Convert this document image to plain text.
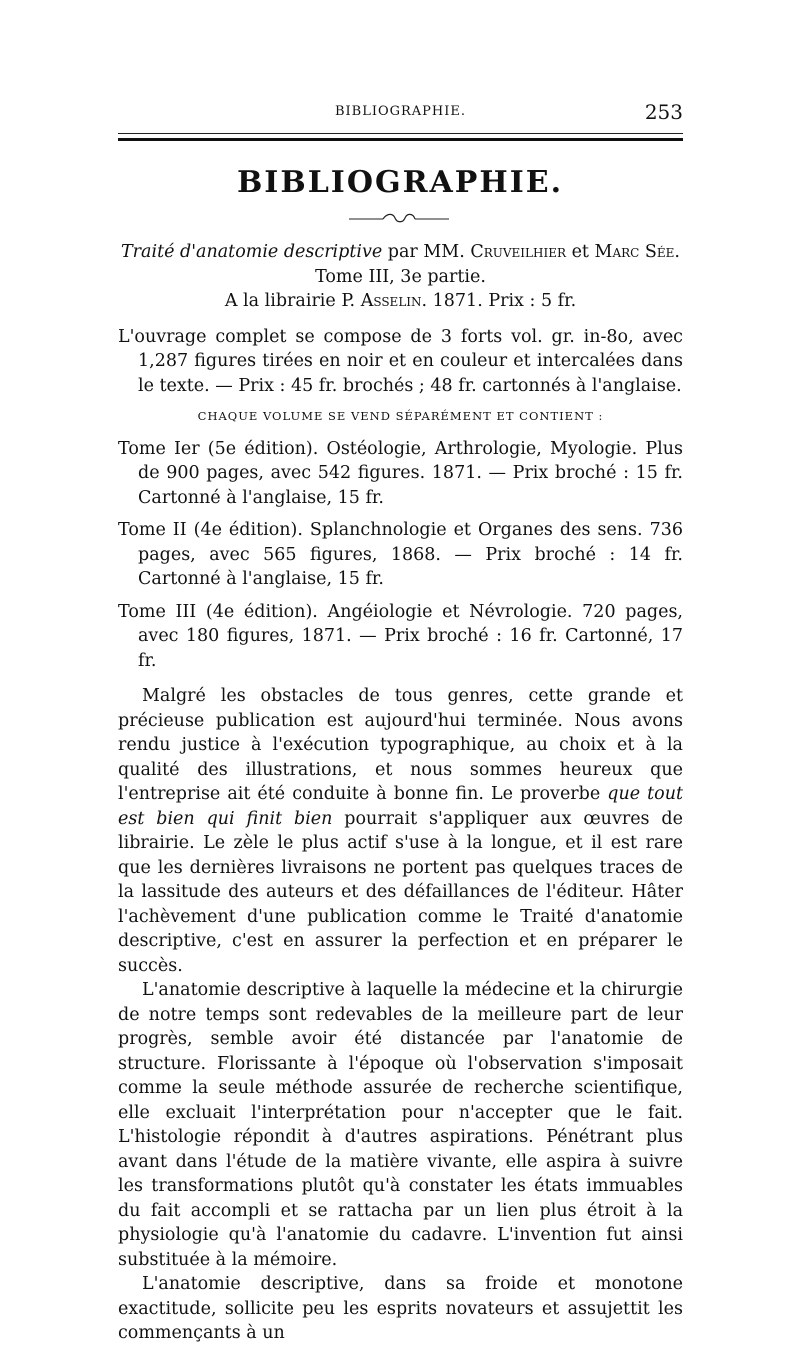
BIBLIOGRAPHIE.	253
BIBLIOGRAPHIE.

Traité d'anatomie descriptive par MM. Cruveilhier et Marc Sée.

Tome III, 3e partie.

A la librairie P. Asselin. 1871. Prix : 5 fr.

L'ouvrage complet se compose de 3 forts vol. gr. in-8o, avec 1,287 figures tirées en noir et en couleur et intercalées dans le texte. — Prix : 45 fr. brochés ; 48 fr. cartonnés à l'anglaise.

CHAQUE VOLUME SE VEND SÉPARÉMENT ET CONTIENT :

Tome Ier (5e édition). Ostéologie, Arthrologie, Myologie. Plus de 900 pages, avec 542 figures. 1871. — Prix broché : 15 fr. Cartonné à l'anglaise, 15 fr.

Tome II (4e édition). Splanchnologie et Organes des sens. 736 pages, avec 565 figures, 1868. — Prix broché : 14 fr. Cartonné à l'anglaise, 15 fr.

Tome III (4e édition). Angéiologie et Névrologie. 720 pages, avec 180 figures, 1871. — Prix broché : 16 fr. Cartonné, 17 fr.

Malgré les obstacles de tous genres, cette grande et précieuse publication est aujourd'hui terminée. Nous avons rendu justice à l'exécution typographique, au choix et à la qualité des illustrations, et nous sommes heureux que l'entreprise ait été conduite à bonne fin. Le proverbe que tout est bien qui finit bien pourrait s'appliquer aux œuvres de librairie. Le zèle le plus actif s'use à la longue, et il est rare que les dernières livraisons ne portent pas quelques traces de la lassitude des auteurs et des défaillances de l'éditeur. Hâter l'achèvement d'une publication comme le Traité d'anatomie descriptive, c'est en assurer la perfection et en préparer le succès.

L'anatomie descriptive à laquelle la médecine et la chirurgie de notre temps sont redevables de la meilleure part de leur progrès, semble avoir été distancée par l'anatomie de structure. Florissante à l'époque où l'observation s'imposait comme la seule méthode assurée de recherche scientifique, elle excluait l'interprétation pour n'accepter que le fait. L'histologie répondit à d'autres aspirations. Pénétrant plus avant dans l'étude de la matière vivante, elle aspira à suivre les transformations plutôt qu'à constater les états immuables du fait accompli et se rattacha par un lien plus étroit à la physiologie qu'à l'anatomie du cadavre. L'invention fut ainsi substituée à la mémoire.

L'anatomie descriptive, dans sa froide et monotone exactitude, sollicite peu les esprits novateurs et assujettit les commençants à un
